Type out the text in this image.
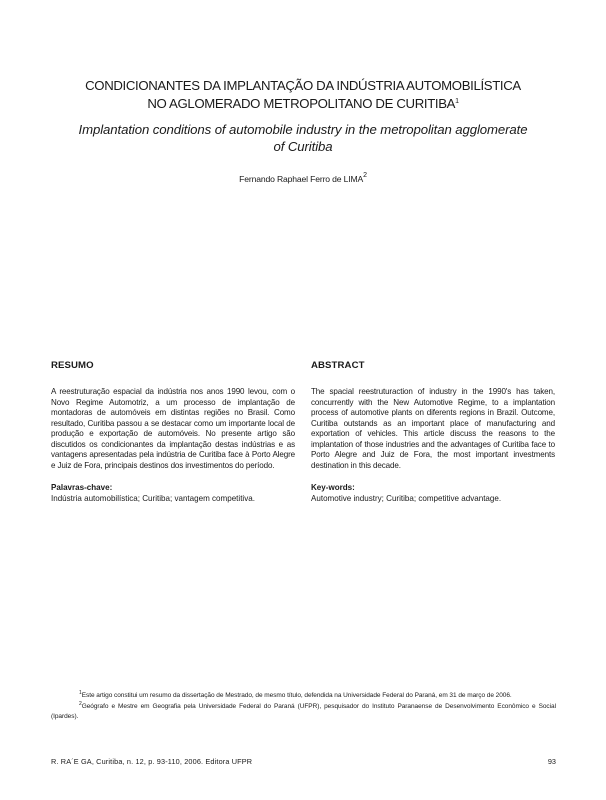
CONDICIONANTES DA IMPLANTAÇÃO DA INDÚSTRIA AUTOMOBILÍSTICA
NO AGLOMERADO METROPOLITANO DE CURITIBA$^1$
Implantation conditions of automobile industry in the metropolitan agglomerate
of Curitiba
Fernando Raphael Ferro de LIMA$^2$
RESUMO

A reestruturação espacial da indústria nos anos 1990 levou, com o Novo Regime Automotriz, a um processo de implantação de montadoras de automóveis em distintas regiões no Brasil. Como resultado, Curitiba passou a se destacar como um importante local de produção e exportação de automóveis. No presente artigo são discutidos os condicionantes da implantação destas indústrias e as vantagens apresentadas pela indústria de Curitiba face à Porto Alegre e Juiz de Fora, principais destinos dos investimentos do período.

Palavras-chave:

Indústria automobilística; Curitiba; vantagem competitiva.

ABSTRACT

The spacial reestruturaction of industry in the 1990's has taken, concurrently with the New Automotive Regime, to a implantation process of automotive plants on diferents regions in Brazil. Outcome, Curitiba outstands as an important place of manufacturing and exportation of vehicles. This article discuss the reasons to the implantation of those industries and the advantages of Curitiba face to Porto Alegre and Juiz de Fora, the most important investments destination in this decade.

Key-words:

Automotive industry; Curitiba; competitive advantage.

$^1$Este artigo constitui um resumo da dissertação de Mestrado, de mesmo título, defendida na Universidade Federal do Paraná, em 31 de março de 2006.

$^2$Geógrafo e Mestre em Geografia pela Universidade Federal do Paraná (UFPR), pesquisador do Instituto Paranaense de Desenvolvimento Econômico e Social (Ipardes).

R. RA´E GA, Curitiba, n. 12, p. 93-110, 2006. Editora UFPR	93
